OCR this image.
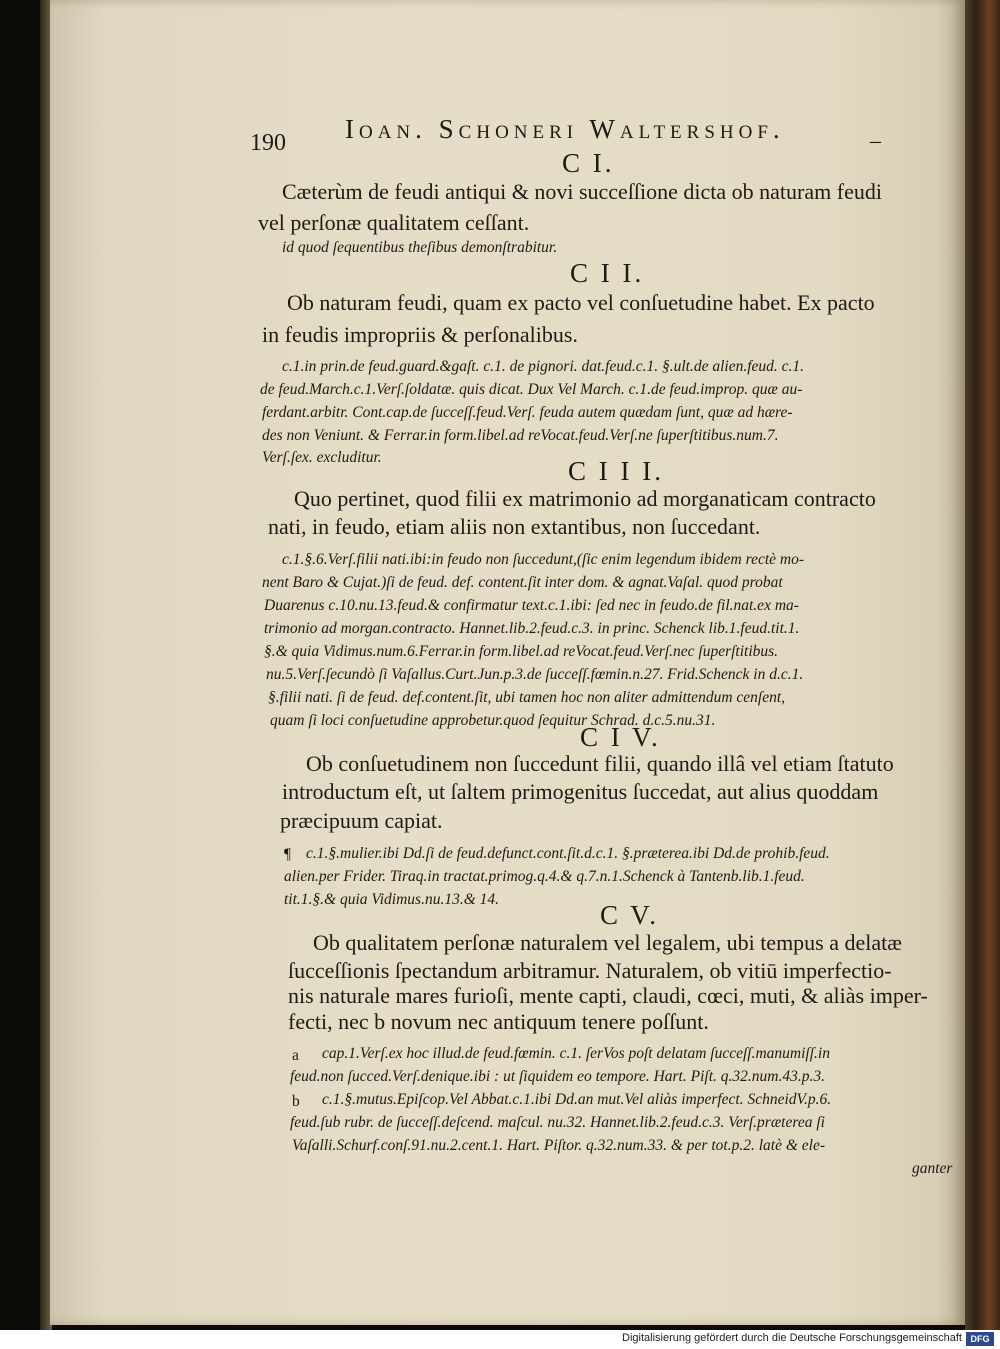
190 Ioan. Schoneri Waltershof.	_
C I.
Cæterùm de feudi antiqui & novi succeſſione dicta ob naturam feudi
vel perſonæ qualitatem ceſſant.
id quod ſequentibus theſibus demonſtrabitur.
C I I.
Ob naturam feudi, quam ex pacto vel conſuetudine habet. Ex pacto
in feudis impropriis & perſonalibus.
c.1.in prin.de feud.guard.&gaſt. c.1. de pignori. dat.feud.c.1. §.ult.de alien.feud. c.1.
de feud.March.c.1.Verſ.ſoldatæ. quis dicat. Dux Vel March. c.1.de feud.improp. quæ au-
ferdant.arbitr. Cont.cap.de ſucceſſ.feud.Verſ. feuda autem quædam ſunt, quæ ad hære-
des non Veniunt. & Ferrar.in form.libel.ad reVocat.feud.Verſ.ne ſuperſtitibus.num.7.
Verſ.ſex. excluditur.	C I I I.
Quo pertinet, quod filii ex matrimonio ad morganaticam contracto
nati, in feudo, etiam aliis non extantibus, non ſuccedant.
c.1.§.6.Verſ.filii nati.ibi:in feudo non ſuccedunt,(ſic enim legendum ibidem rectè mo-
nent Baro & Cujat.)ſi de feud. def. content.ſit inter dom. & agnat.Vaſal. quod probat
Duarenus c.10.nu.13.feud.& confirmatur text.c.1.ibi: ſed nec in feudo.de fil.nat.ex ma-
trimonio ad morgan.contracto. Hannet.lib.2.feud.c.3. in princ. Schenck lib.1.feud.tit.1.
§.& quia Vidimus.num.6.Ferrar.in form.libel.ad reVocat.feud.Verſ.nec ſuperſtitibus.
nu.5.Verſ.ſecundò ſi Vaſallus.Curt.Jun.p.3.de ſucceſſ.fœmin.n.27. Frid.Schenck in d.c.1.
§.filii nati. ſi de feud. def.content.ſit, ubi tamen hoc non aliter admittendum cenſent,
quam ſi loci conſuetudine approbetur.quod ſequitur Schrad. d.c.5.nu.31.
C I V.
Ob conſuetudinem non ſuccedunt filii, quando illâ vel etiam ſtatuto
introductum eſt, ut ſaltem primogenitus ſuccedat, aut alius quoddam
præcipuum capiat.
¶ c.1.§.mulier.ibi Dd.ſi de feud.defunct.cont.ſit.d.c.1. §.præterea.ibi Dd.de prohib.feud.
alien.per Frider. Tiraq.in tractat.primog.q.4.& q.7.n.1.Schenck à Tantenb.lib.1.feud.
tit.1.§.& quia Vidimus.nu.13.& 14.
C V.
Ob qualitatem perſonæ naturalem vel legalem, ubi tempus a delatæ
ſucceſſionis ſpectandum arbitramur. Naturalem, ob vitiū imperfectio-
nis naturale mares furioſi, mente capti, claudi, cœci, muti, & aliàs imper-
fecti, nec b novum nec antiquum tenere poſſunt.
a cap.1.Verſ.ex hoc illud.de feud.fœmin. c.1. ſerVos poſt delatam ſucceſſ.manumiſſ.in
feud.non ſucced.Verſ.denique.ibi : ut ſiquidem eo tempore. Hart. Piſt. q.32.num.43.p.3.
b c.1.§.mutus.Epiſcop.Vel Abbat.c.1.ibi Dd.an mut.Vel aliàs imperfect. SchneidV.p.6.
feud.ſub rubr. de ſucceſſ.deſcend. maſcul. nu.32. Hannet.lib.2.feud.c.3. Verſ.præterea ſi
Vaſalli.Schurf.conſ.91.nu.2.cent.1. Hart. Piſtor. q.32.num.33. & per tot.p.2. latè & ele-
ganter
Digitalisierung gefördert durch die Deutsche Forschungsgemeinschaft DFG
